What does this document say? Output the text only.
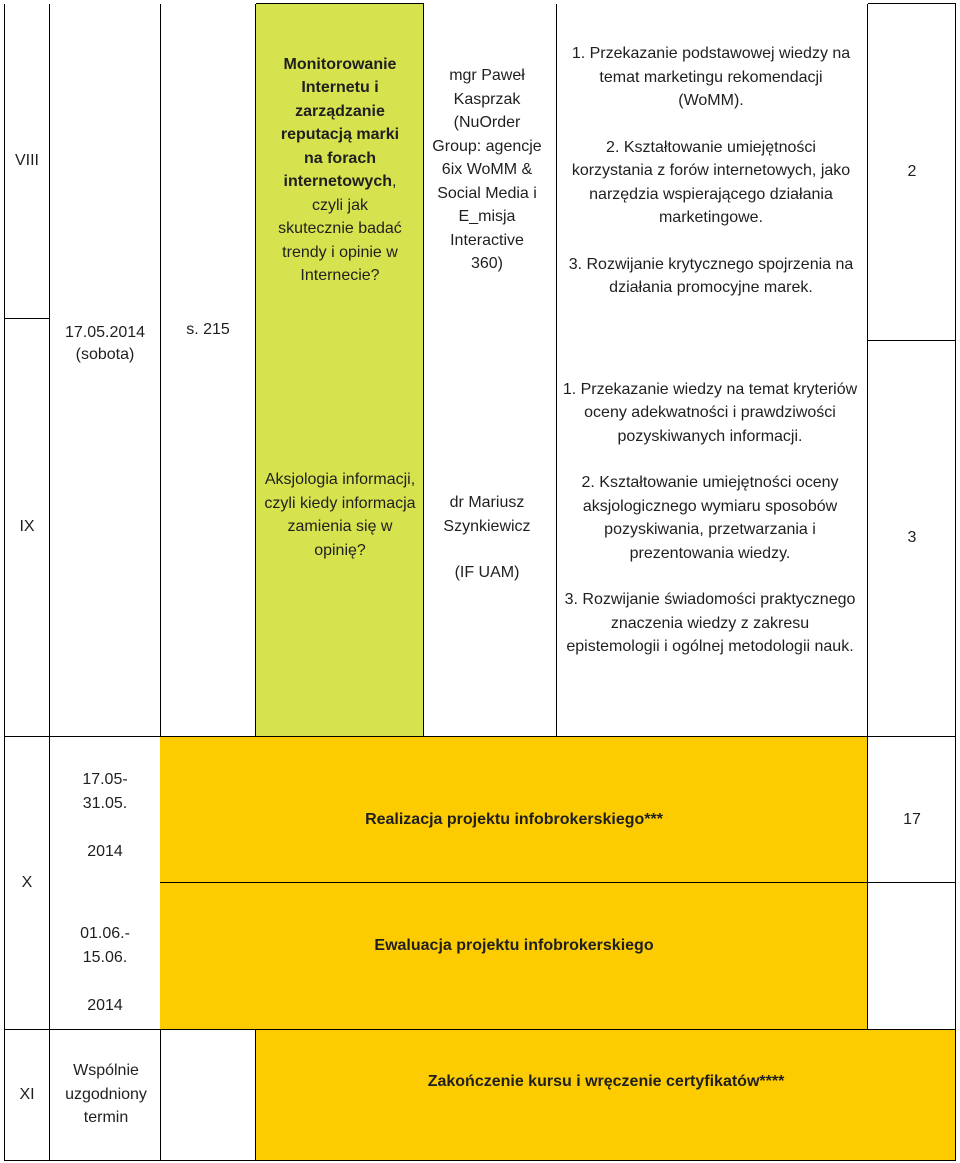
VIII
Monitorowanie
Internetu i
zarządzanie
reputacją marki
na forach
internetowych,
czyli jak
skutecznie badać
trendy i opinie w
Internecie?
mgr Paweł Kasprzak (NuOrder Group: agencje 6ix WoMM & Social Media i E_misja Interactive 360)
1. Przekazanie podstawowej wiedzy na temat marketingu rekomendacji (WoMM).
2. Kształtowanie umiejętności korzystania z forów internetowych, jako narzędzia wspierającego działania marketingowe.
3. Rozwijanie krytycznego spojrzenia na działania promocyjne marek.
2
IX
17.05.2014
(sobota)
s. 215
Aksjologia informacji, czyli kiedy informacja zamienia się w opinię?
dr Mariusz Szynkiewicz
(IF UAM)
1. Przekazanie wiedzy na temat kryteriów oceny adekwatności i prawdziwości pozyskiwanych informacji.
2. Kształtowanie umiejętności oceny aksjologicznego wymiaru sposobów pozyskiwania, przetwarzania i prezentowania wiedzy.
3. Rozwijanie świadomości praktycznego znaczenia wiedzy z zakresu epistemologii i ogólnej metodologii nauk.
3
X
17.05-
31.05.
2014
Realizacja projektu infobrokerskiego***	17
01.06.-
15.06.
2014
Ewaluacja projektu infobrokerskiego
XI
Wspólnie uzgodniony termin
Zakończenie kursu i wręczenie certyfikatów****
